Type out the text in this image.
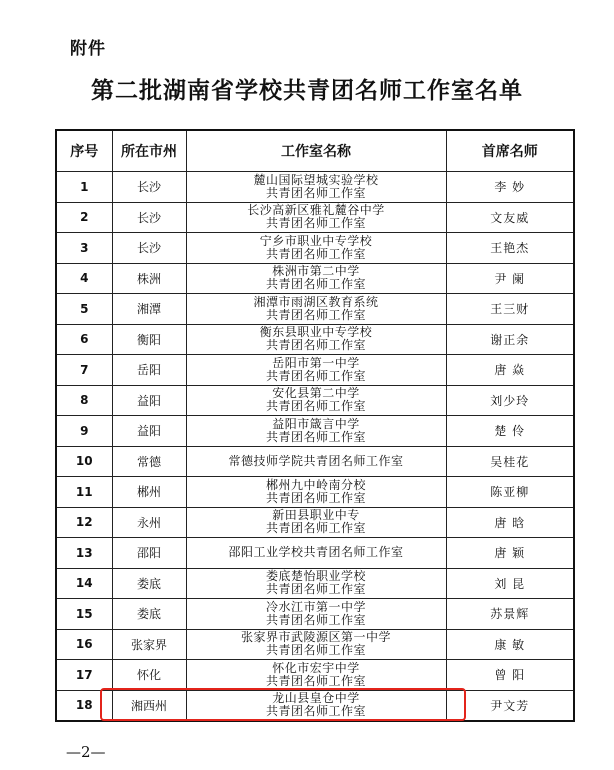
附件
第二批湖南省学校共青团名师工作室名单
序号	所在市州	工作室名称	首席名师
1	长沙	麓山国际望城实验学校
共青团名师工作室	李 妙
2	长沙	长沙高新区雅礼麓谷中学
共青团名师工作室	文友威
3	长沙	宁乡市职业中专学校
共青团名师工作室	王艳杰
4	株洲	株洲市第二中学
共青团名师工作室	尹 阑
5	湘潭	湘潭市雨湖区教育系统
共青团名师工作室	王三财
6	衡阳	衡东县职业中专学校
共青团名师工作室	谢正余
7	岳阳	岳阳市第一中学
共青团名师工作室	唐 焱
8	益阳	安化县第二中学
共青团名师工作室	刘少玲
9	益阳	益阳市箴言中学
共青团名师工作室	楚 伶
10	常德	常德技师学院共青团名师工作室	吴桂花
11	郴州	郴州九中岭南分校
共青团名师工作室	陈亚柳
12	永州	新田县职业中专
共青团名师工作室	唐 晗
13	邵阳	邵阳工业学校共青团名师工作室	唐 颖
14	娄底	娄底楚怡职业学校
共青团名师工作室	刘 昆
15	娄底	冷水江市第一中学
共青团名师工作室	苏景辉
16	张家界	张家界市武陵源区第一中学
共青团名师工作室	康 敏
17	怀化	怀化市宏宇中学
共青团名师工作室	曾 阳
18	湘西州	龙山县皇仓中学
共青团名师工作室	尹文芳
—2—
